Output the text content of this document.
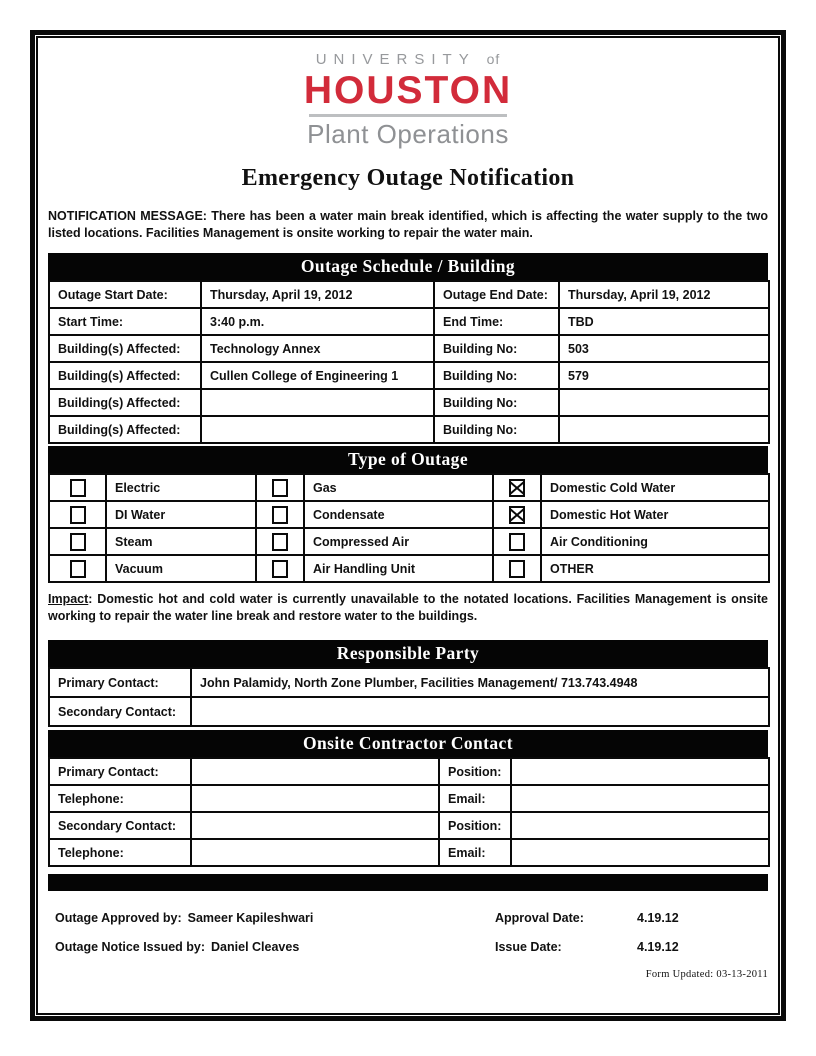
UNIVERSITY of
HOUSTON
Plant Operations
Emergency Outage Notification

NOTIFICATION MESSAGE: There has been a water main break identified, which is affecting the water supply to the two listed locations. Facilities Management is onsite working to repair the water main.

Outage Schedule / Building
Outage Start Date:	Thursday, April 19, 2012	Outage End Date:	Thursday, April 19, 2012
Start Time:	3:40 p.m.	End Time:	TBD
Building(s) Affected:	Technology Annex	Building No:	503
Building(s) Affected:	Cullen College of Engineering 1	Building No:	579
Building(s) Affected:		Building No:	
Building(s) Affected:		Building No:	
Type of Outage
	Electric		Gas		Domestic Cold Water
	DI Water		Condensate		Domestic Hot Water
	Steam		Compressed Air		Air Conditioning
	Vacuum		Air Handling Unit		OTHER

Impact: Domestic hot and cold water is currently unavailable to the notated locations. Facilities Management is onsite working to repair the water line break and restore water to the buildings.

Responsible Party
Primary Contact:	John Palamidy, North Zone Plumber, Facilities Management/ 713.743.4948
Secondary Contact:	
Onsite Contractor Contact
Primary Contact:		Position:	
Telephone:		Email:	
Secondary Contact:		Position:	
Telephone:		Email:	
Outage Approved by: Sameer Kapileshwari	Approval Date:	4.19.12
Outage Notice Issued by: Daniel Cleaves	Issue Date:	4.19.12
Form Updated: 03-13-2011
